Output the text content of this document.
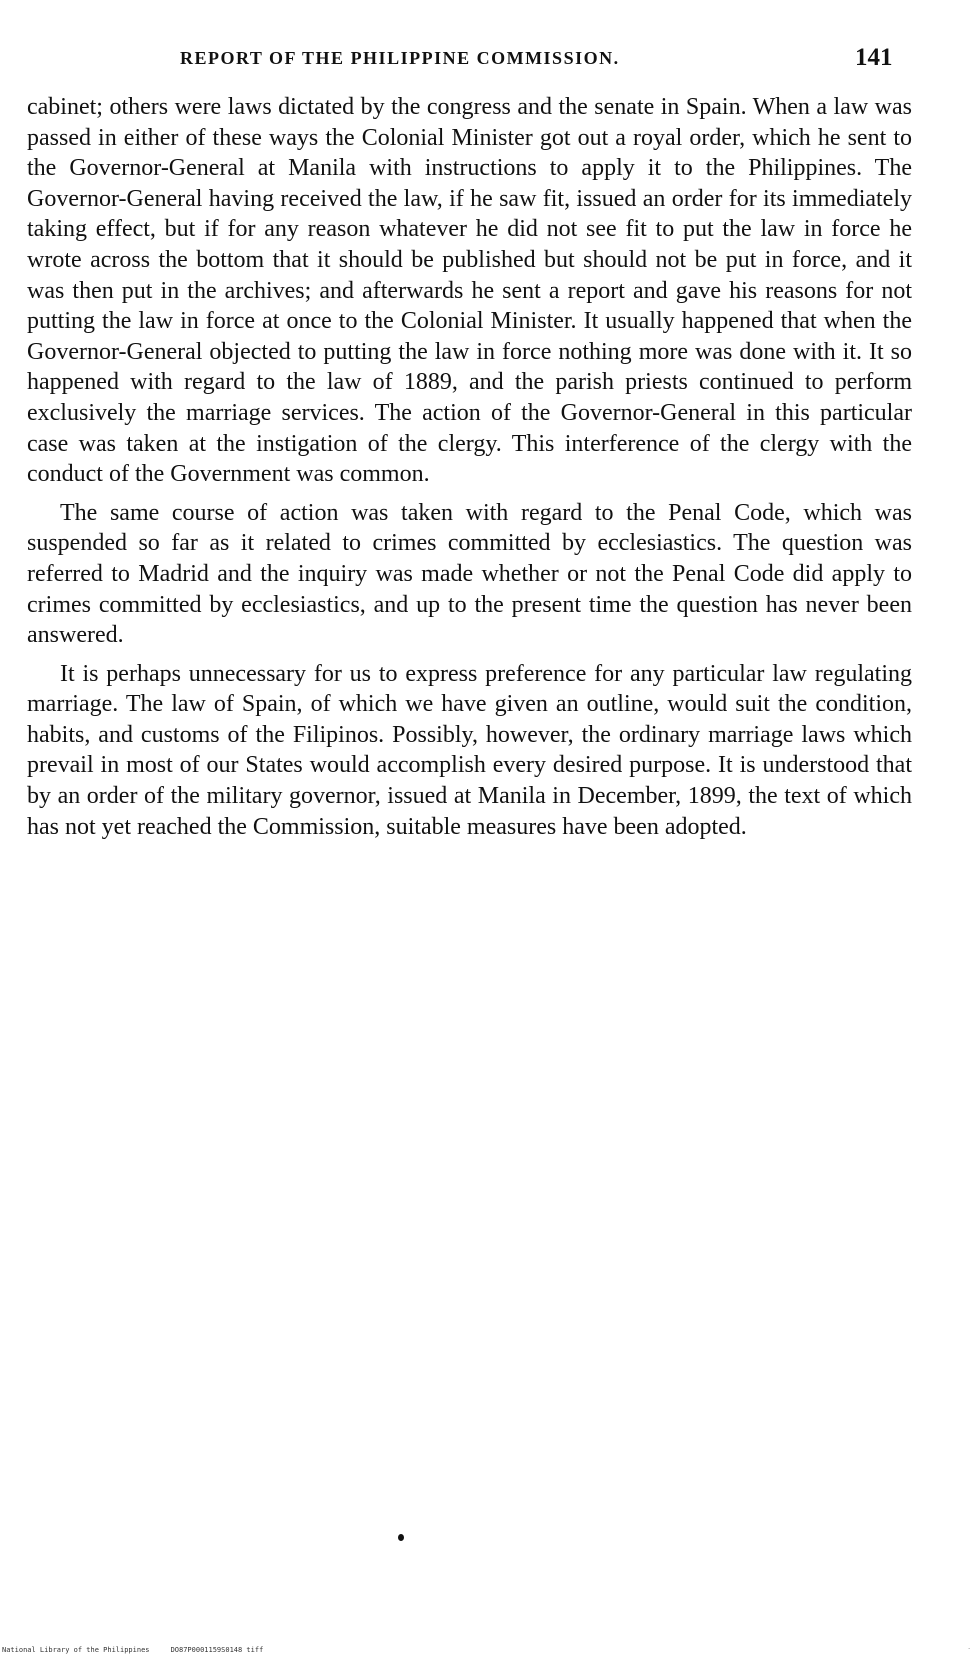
REPORT OF THE PHILIPPINE COMMISSION.	141

cabinet; others were laws dictated by the congress and the senate in Spain. When a law was passed in either of these ways the Colonial Minister got out a royal order, which he sent to the Governor-General at Manila with instructions to apply it to the Philippines. The Governor-General having received the law, if he saw fit, issued an order for its immediately taking effect, but if for any reason whatever he did not see fit to put the law in force he wrote across the bottom that it should be published but should not be put in force, and it was then put in the archives; and afterwards he sent a report and gave his reasons for not putting the law in force at once to the Colonial Minister. It usually happened that when the Governor-General objected to putting the law in force nothing more was done with it. It so happened with regard to the law of 1889, and the parish priests continued to perform exclusively the marriage services. The action of the Governor-General in this particular case was taken at the instigation of the clergy. This interference of the clergy with the conduct of the Government was common.

The same course of action was taken with regard to the Penal Code, which was suspended so far as it related to crimes committed by ecclesiastics. The question was referred to Madrid and the inquiry was made whether or not the Penal Code did apply to crimes committed by ecclesiastics, and up to the present time the question has never been answered.

It is perhaps unnecessary for us to express preference for any particular law regulating marriage. The law of Spain, of which we have given an outline, would suit the condition, habits, and customs of the Filipinos. Possibly, however, the ordinary marriage laws which prevail in most of our States would accomplish every desired purpose. It is understood that by an order of the military governor, issued at Manila in December, 1899, the text of which has not yet reached the Commission, suitable measures have been adopted.

National Library of the Philippines     DO87P0001159S0148 tiff	.
